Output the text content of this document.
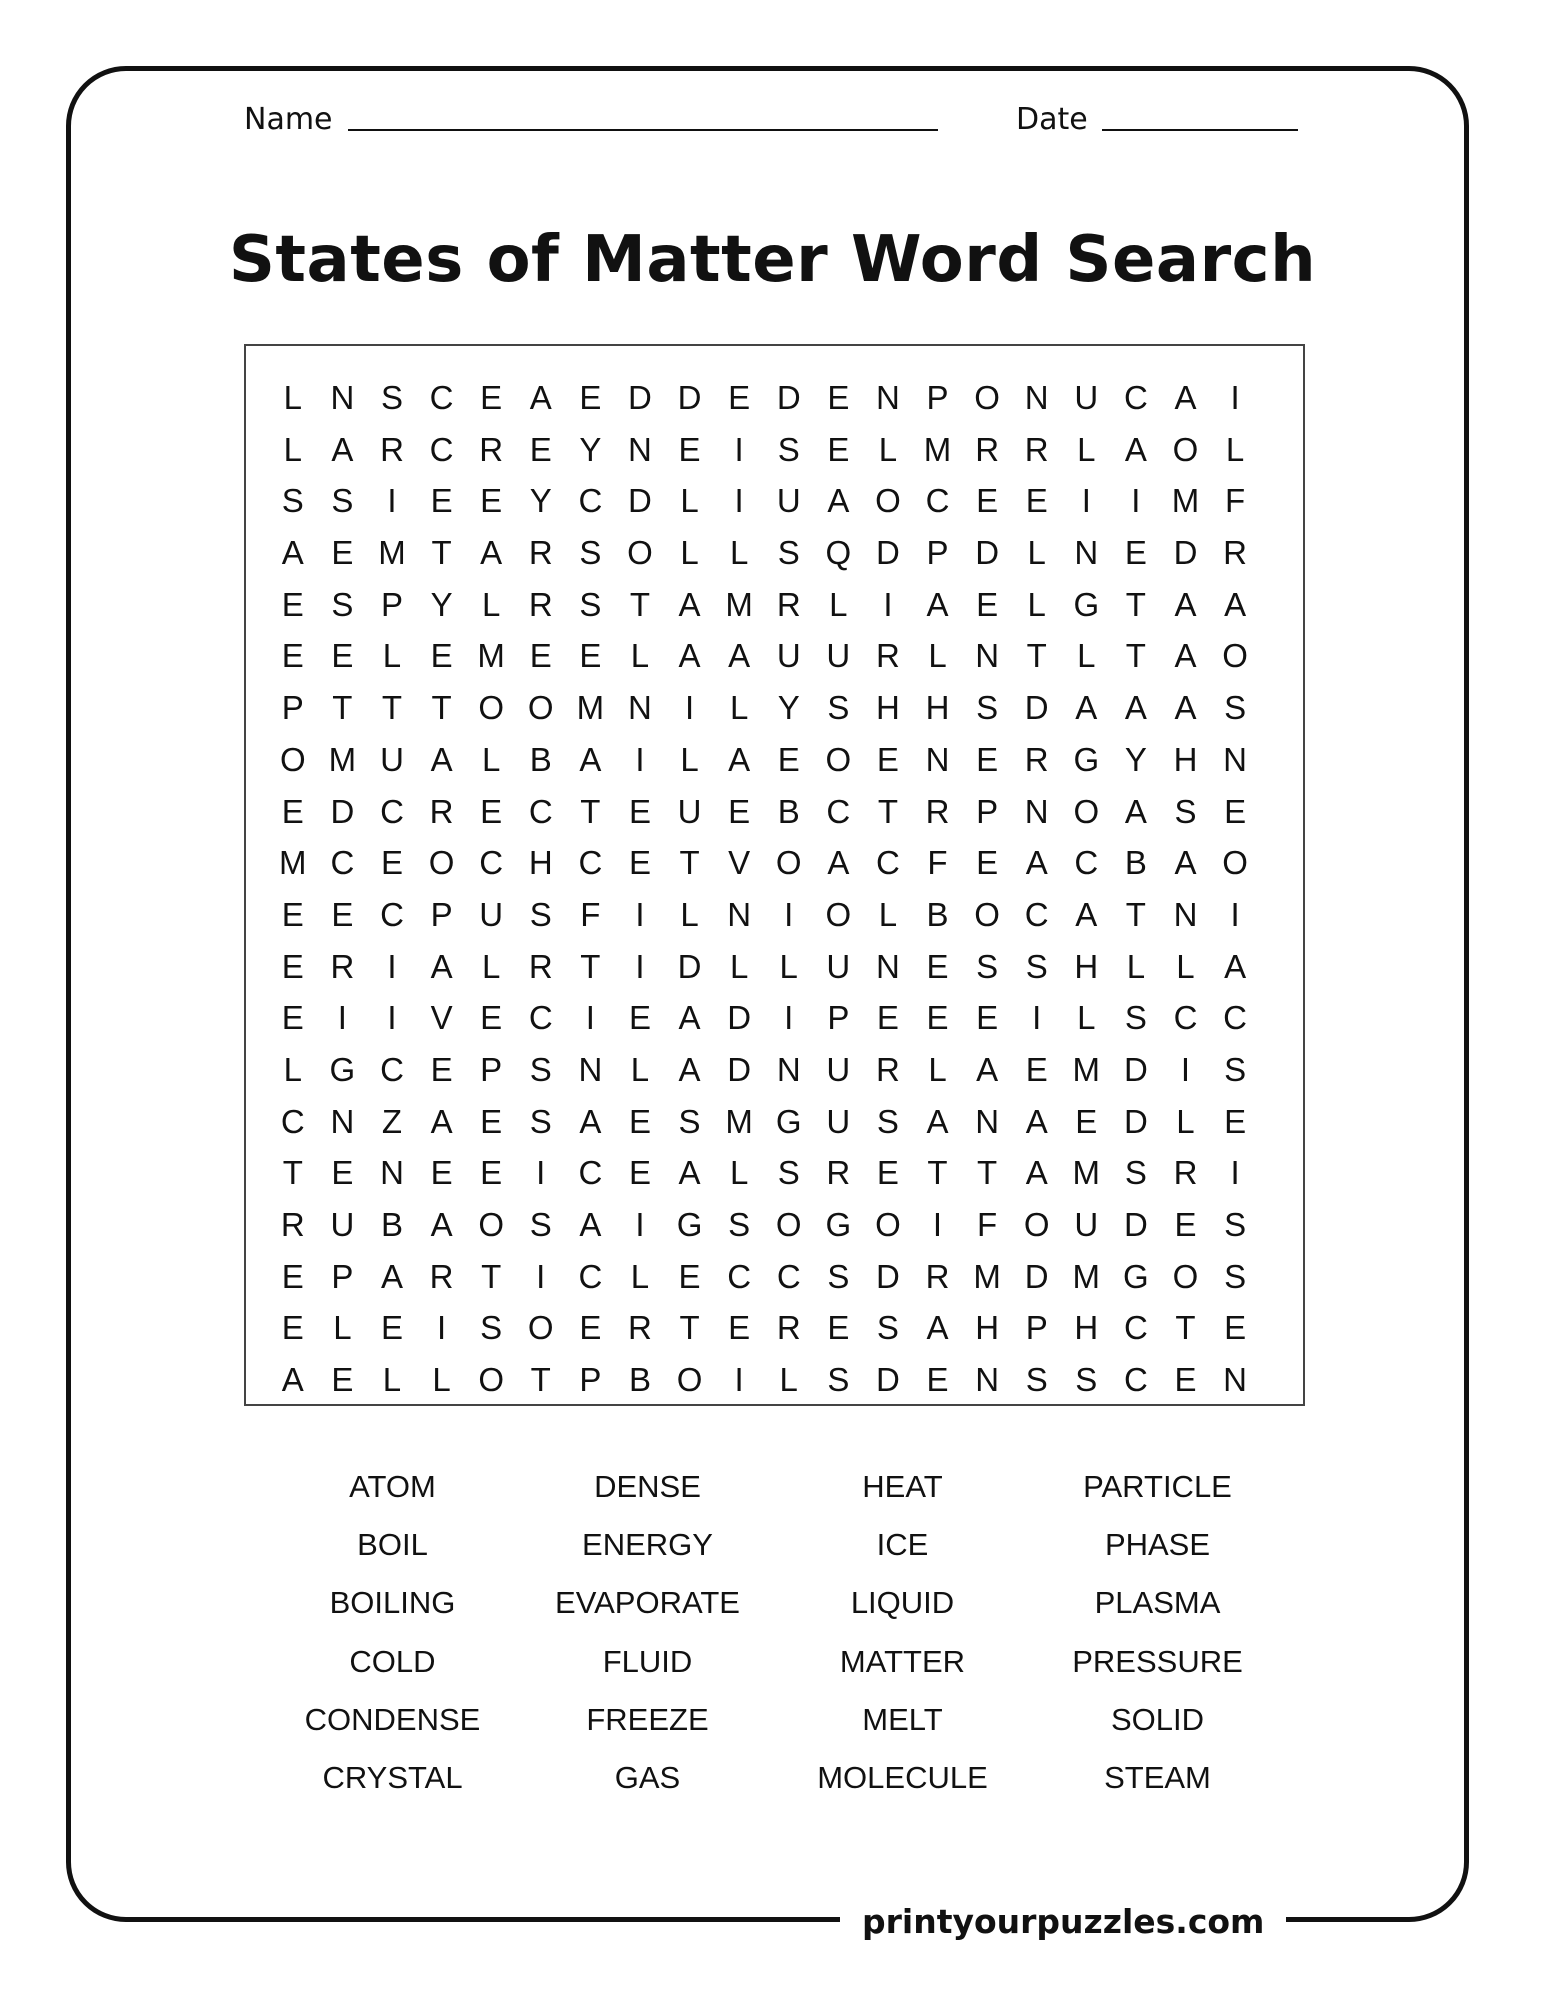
Name	Date
States of Matter Word Search
L N S C E A E D D E D E N P O N U C A	I
L A R C R E Y N E	I	S E L M R R L A O L
S S	I	E E Y C D L	I	U A O C E E	I	I M F
A E M T A R S O L L S Q D P D L N E D R
E S P Y L R S T A M R L	I	A E L G T A A
E E L E M E E L A A U U R L N T L T A O
P T T T O O M N	I	L Y S H H S D A A A S
O M U A L B A	I	L A E O E N E R G Y H N
E D C R E C T E U E B C T R P N O A S E
M C E O C H C E T V O A C F E A C B A O
E E C P U S F	I	L N	I O L B O C A T N	I
E R	I	A L R T	I	D L L U N E S S H L L A
E	I	I	V E C	I	E A D	I	P E E E	I	L S C C
L G C E P S N L A D N U R L A E M D	I	S
C N Z A E S A E S M G U S A N A E D L E
T E N E E	I	C E A L S R E T T A M S R	I
R U B A O S A	I G S O G O I	F O U D E S
E P A R T	I	C L E C C S D R M D M G O S
E L E	I	S O E R T E R E S A H P H C T E
A E L L O T P B O I	L S D E N S S C E N
ATOM	DENSE	HEAT	PARTICLE
BOIL	ENERGY	ICE	PHASE
BOILING	EVAPORATE	LIQUID	PLASMA
COLD	FLUID	MATTER	PRESSURE
CONDENSE	FREEZE	MELT	SOLID
CRYSTAL	GAS	MOLECULE	STEAM
printyourpuzzles.com
